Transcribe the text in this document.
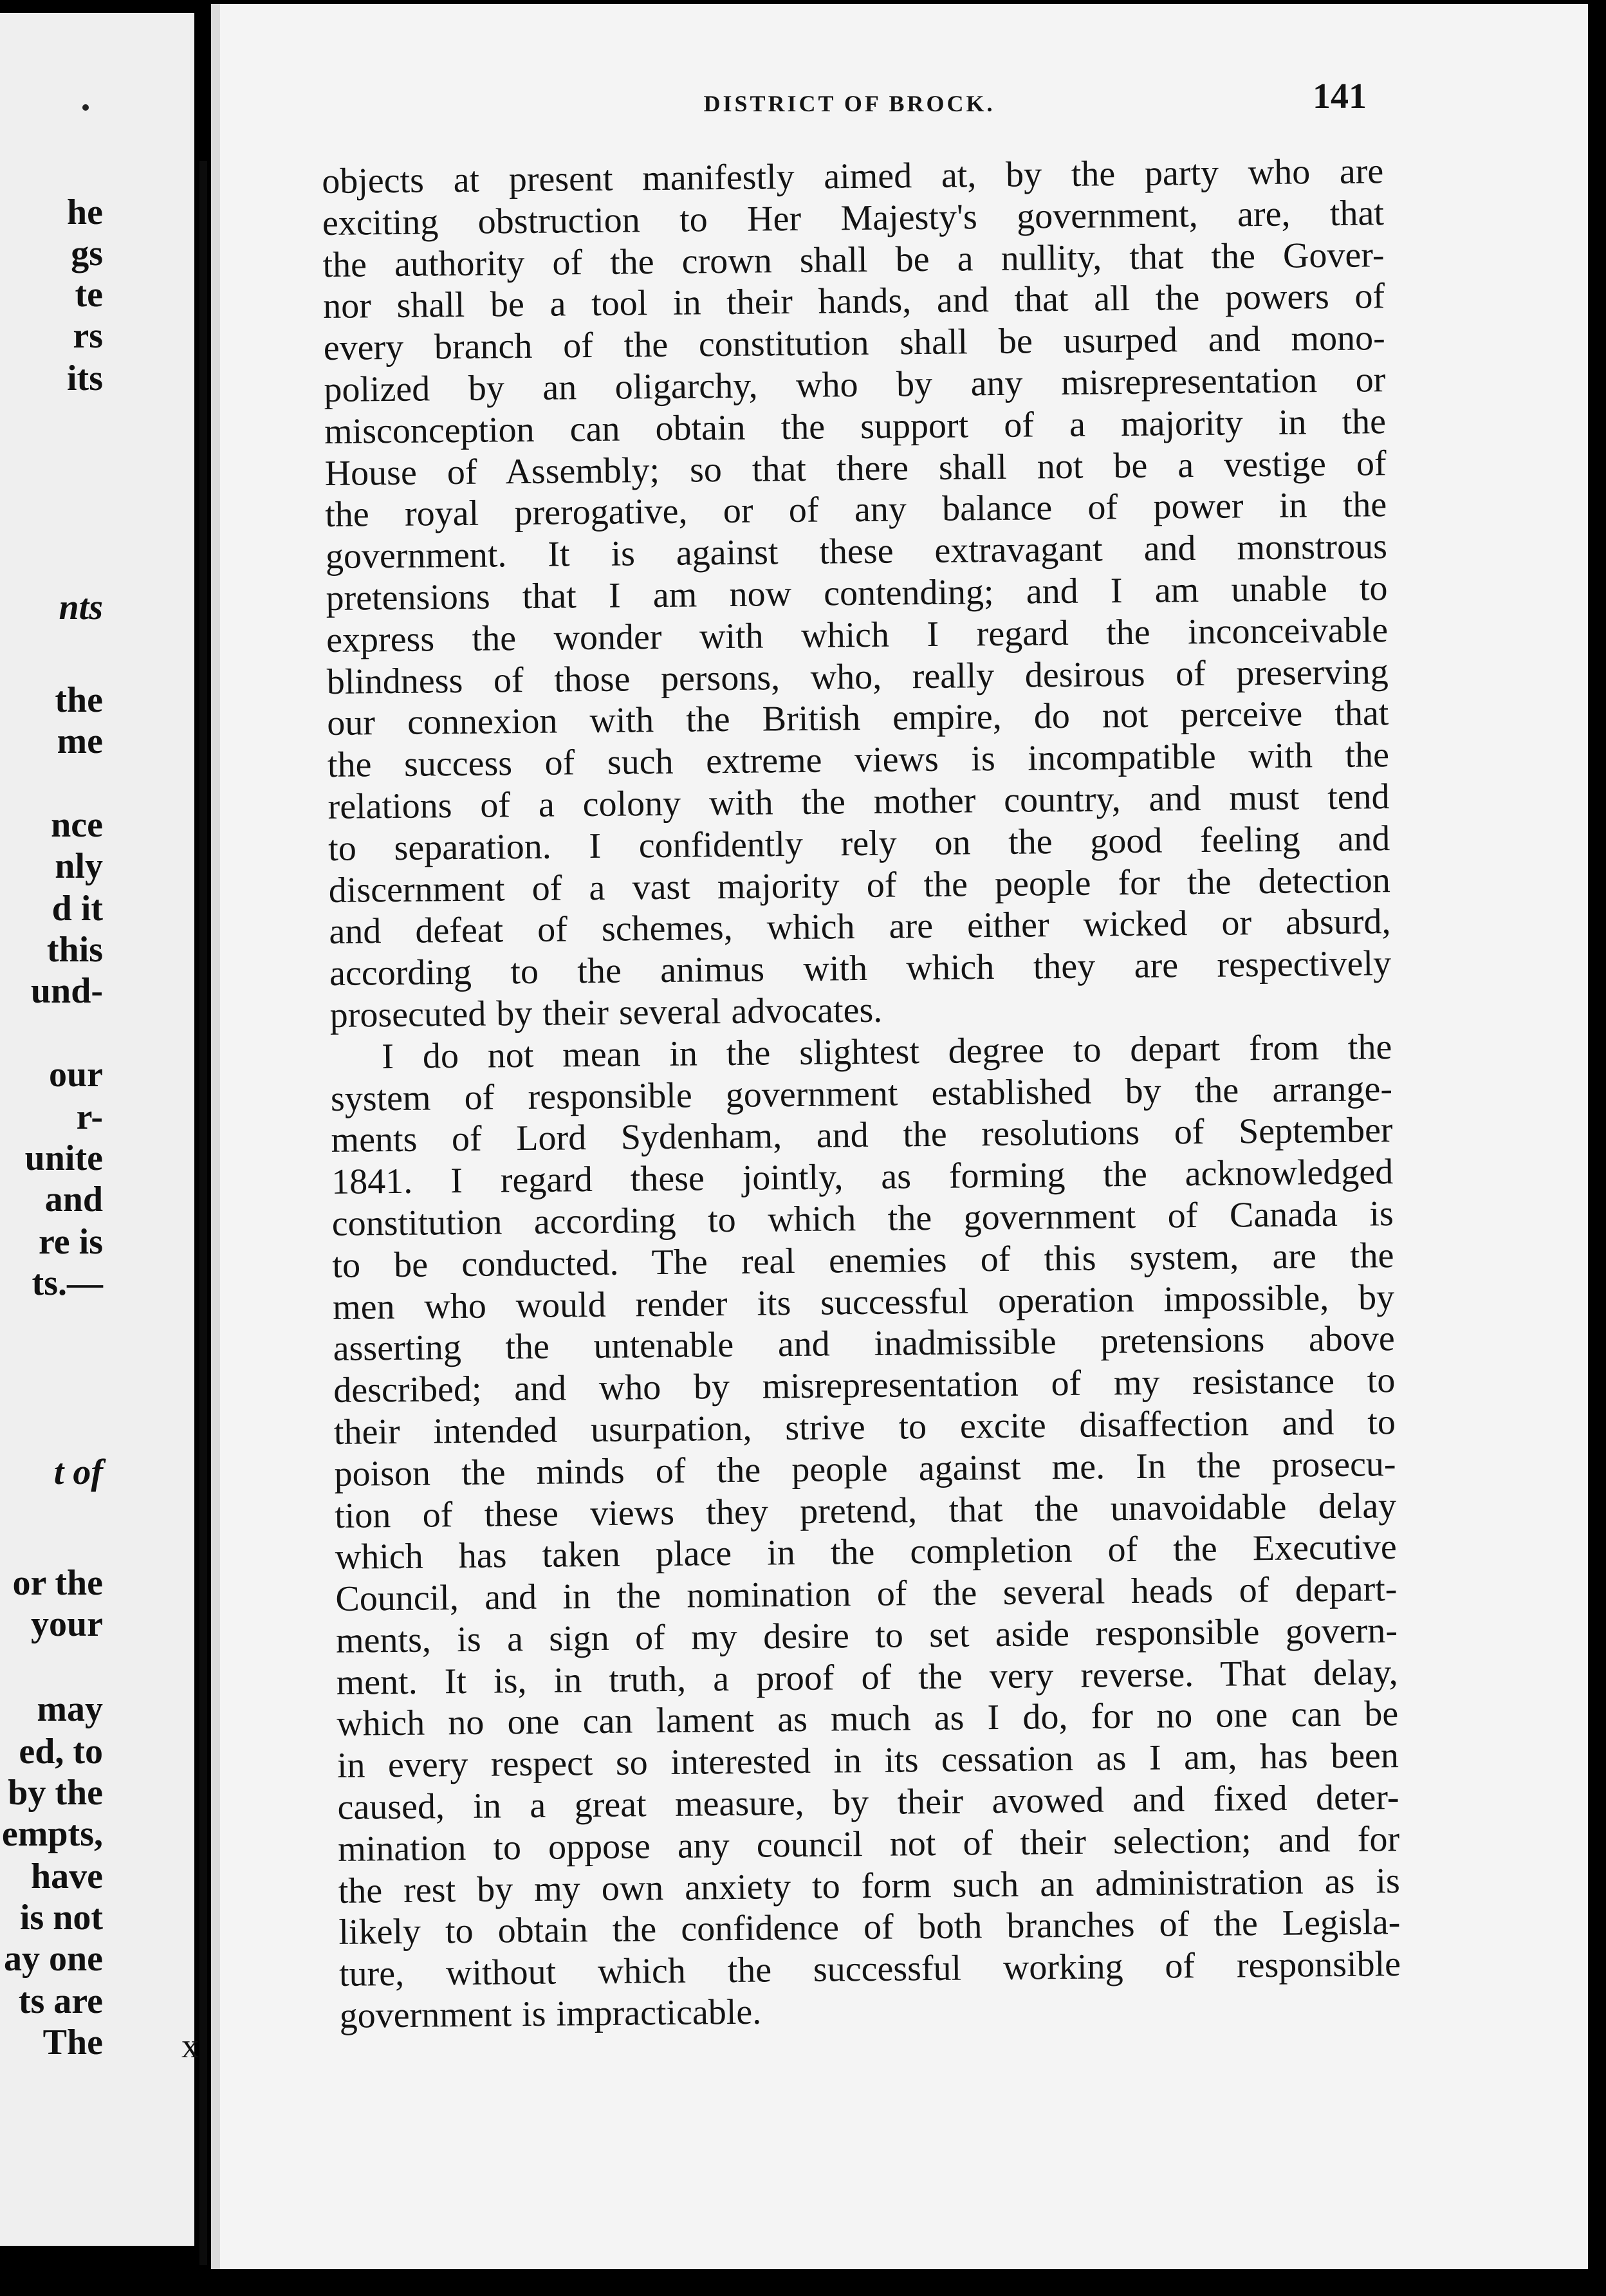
he
gs
te
rs
its
nts
the
me
nce
nly
d it
this
und-
our
r-
unite
and
re is
ts.—
t of
or the
your
may
ed, to
by the
empts,
have
is not
ay one
ts are
The
DISTRICT OF BROCK.	141

objects at present manifestly aimed at, by the party who are
exciting obstruction to Her Majesty's government, are, that
the authority of the crown shall be a nullity, that the Gover-
nor shall be a tool in their hands, and that all the powers of
every branch of the constitution shall be usurped and mono-
polized by an oligarchy, who by any misrepresentation or
misconception can obtain the support of a majority in the
House of Assembly; so that there shall not be a vestige of
the royal prerogative, or of any balance of power in the
government. It is against these extravagant and monstrous
pretensions that I am now contending; and I am unable to
express the wonder with which I regard the inconceivable
blindness of those persons, who, really desirous of preserving
our connexion with the British empire, do not perceive that
the success of such extreme views is incompatible with the
relations of a colony with the mother country, and must tend
to separation. I confidently rely on the good feeling and
discernment of a vast majority of the people for the detection
and defeat of schemes, which are either wicked or absurd,
according to the animus with which they are respectively
prosecuted by their several advocates.

I do not mean in the slightest degree to depart from the
system of responsible government established by the arrange-
ments of Lord Sydenham, and the resolutions of September
1841. I regard these jointly, as forming the acknowledged
constitution according to which the government of Canada is
to be conducted. The real enemies of this system, are the
men who would render its successful operation impossible, by
asserting the untenable and inadmissible pretensions above
described; and who by misrepresentation of my resistance to
their intended usurpation, strive to excite disaffection and to
poison the minds of the people against me. In the prosecu-
tion of these views they pretend, that the unavoidable delay
which has taken place in the completion of the Executive
Council, and in the nomination of the several heads of depart-
ments, is a sign of my desire to set aside responsible govern-
ment. It is, in truth, a proof of the very reverse. That delay,
which no one can lament as much as I do, for no one can be
in every respect so interested in its cessation as I am, has been
caused, in a great measure, by their avowed and fixed deter-
mination to oppose any council not of their selection; and for
the rest by my own anxiety to form such an administration as is
likely to obtain the confidence of both branches of the Legisla-
ture, without which the successful working of responsible
government is impracticable.

x
